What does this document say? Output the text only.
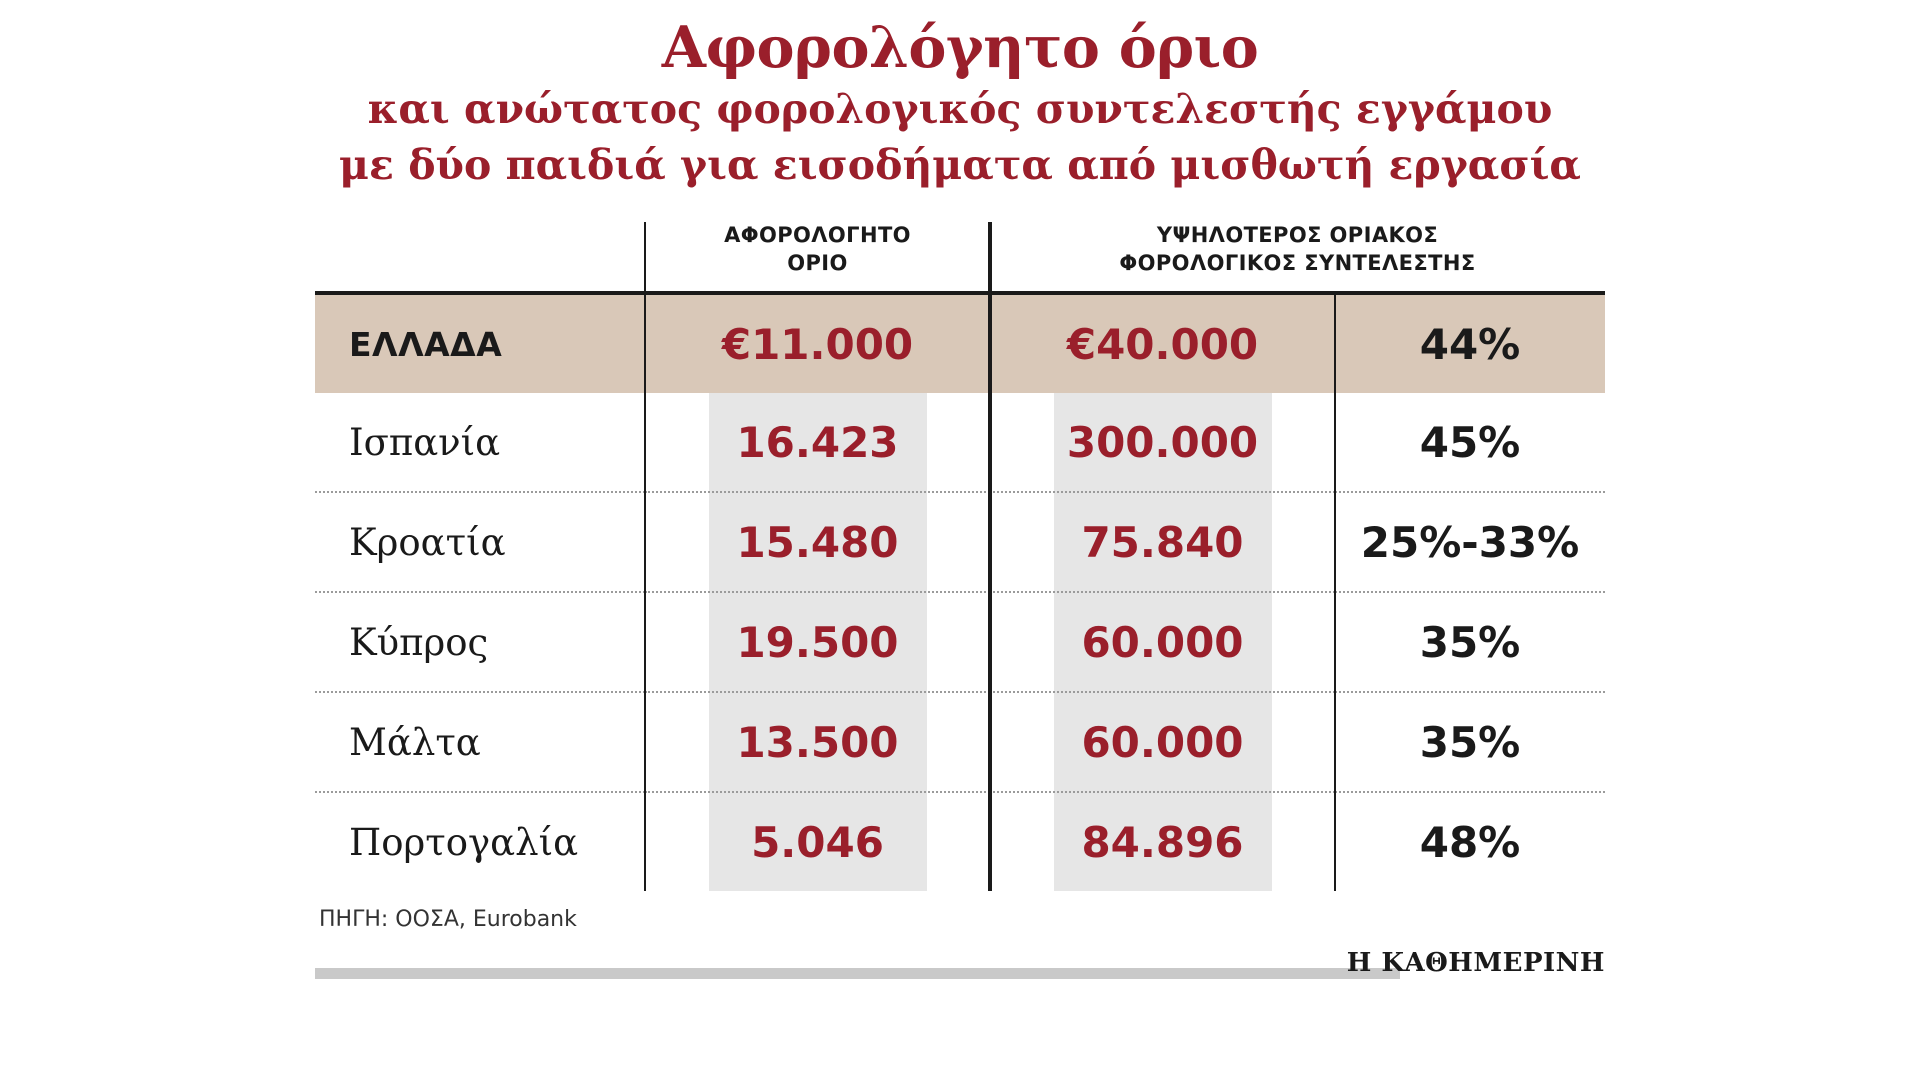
Αφορολόγητο όριο
και ανώτατος φορολογικός συντελεστής εγγάμου
με δύο παιδιά για εισοδήματα από μισθωτή εργασία

ΑΦΟΡΟΛΟΓΗΤΟ
ΟΡΙΟ

ΥΨΗΛΟΤΕΡΟΣ ΟΡΙΑΚΟΣ
ΦΟΡΟΛΟΓΙΚΟΣ ΣΥΝΤΕΛΕΣΤΗΣ

ΕΛΛΑΔΑ	€11.000	€40.000	44%
Ισπανία	16.423	300.000	45%
Κροατία	15.480	75.840	25%-33%
Κύπρος	19.500	60.000	35%
Μάλτα	13.500	60.000	35%
Πορτογαλία	5.046	84.896	48%
ΠΗΓΗ: ΟΟΣΑ, Eurobank
Η ΚΑΘΗΜΕΡΙΝΗ
